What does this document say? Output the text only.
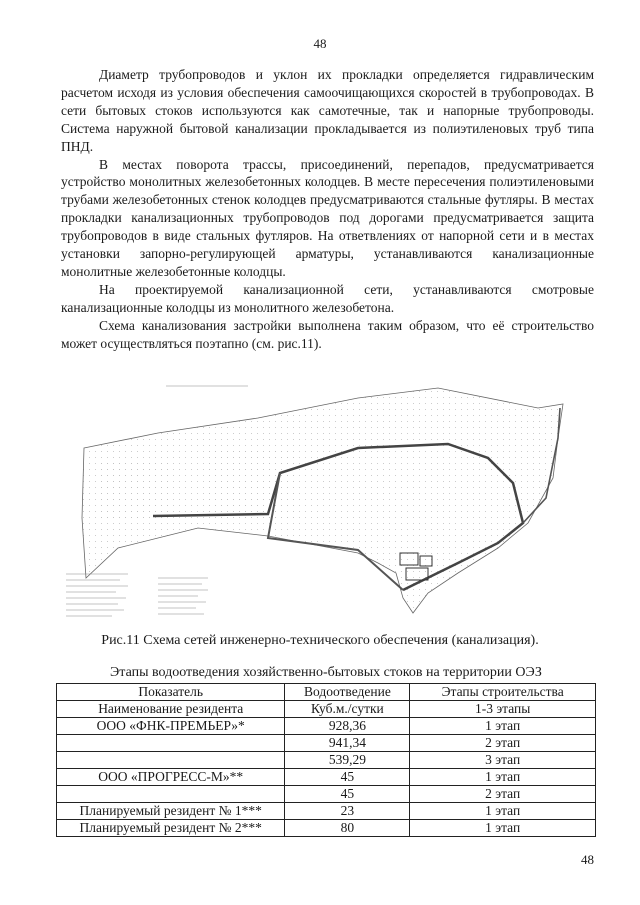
48

Диаметр трубопроводов и уклон их прокладки определяется гидравлическим расчетом исходя из условия обеспечения самоочищающихся скоростей в трубопроводах. В сети бытовых стоков используются как самотечные, так и напорные трубопроводы. Система наружной бытовой канализации прокладывается из полиэтиленовых труб типа ПНД.

В местах поворота трассы, присоединений, перепадов, предусматривается устройство монолитных железобетонных колодцев. В месте пересечения полиэтиленовыми трубами железобетонных стенок колодцев предусматриваются стальные футляры. В местах прокладки канализационных трубопроводов под дорогами предусматривается защита трубопроводов в виде стальных футляров. На ответвлениях от напорной сети и в местах установки запорно-регулирующей арматуры, устанавливаются канализационные монолитные железобетонные колодцы.

На проектируемой канализационной сети, устанавливаются смотровые канализационные колодцы из монолитного железобетона.

Схема канализования застройки выполнена таким образом, что её строительство может осуществляться поэтапно (см. рис.11).

Рис.11 Схема сетей инженерно-технического обеспечения (канализация).
Этапы водоотведения хозяйственно-бытовых стоков на территории ОЭЗ
Показатель	Водоотведение	Этапы строительства
Наименование резидента	Куб.м./сутки	1-3 этапы
ООО «ФНК-ПРЕМЬЕР»*	928,36	1 этап
	941,34	2 этап
	539,29	3 этап
ООО «ПРОГРЕСС-М»**	45	1 этап
	45	2 этап
Планируемый резидент № 1***	23	1 этап
Планируемый резидент № 2***	80	1 этап
48
